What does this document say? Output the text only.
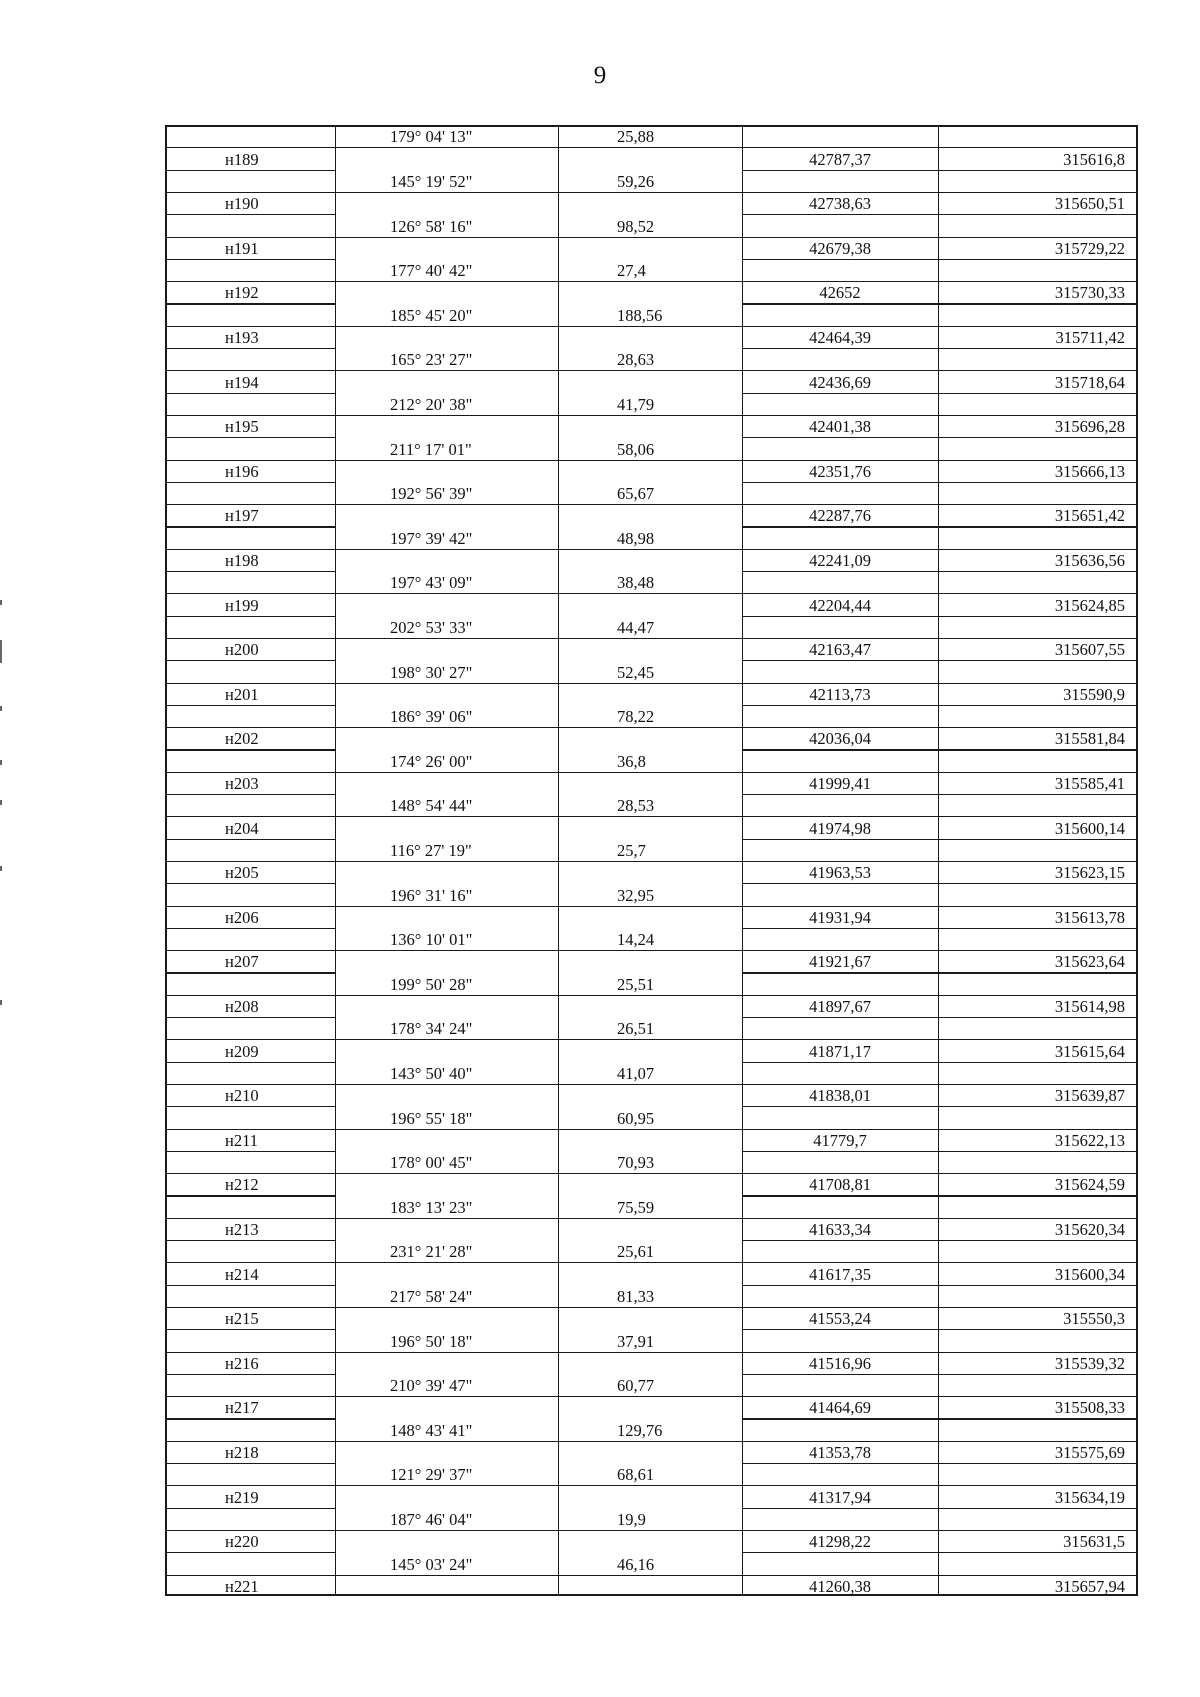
9
179° 04' 13"	25,88
н189	42787,37	315616,8
145° 19' 52"	59,26
н190	42738,63	315650,51
126° 58' 16"	98,52
н191	42679,38	315729,22
177° 40' 42"	27,4
н192	42652	315730,33
185° 45' 20"	188,56
н193	42464,39	315711,42
165° 23' 27"	28,63
н194	42436,69	315718,64
212° 20' 38"	41,79
н195	42401,38	315696,28
211° 17' 01"	58,06
н196	42351,76	315666,13
192° 56' 39"	65,67
н197	42287,76	315651,42
197° 39' 42"	48,98
н198	42241,09	315636,56
197° 43' 09"	38,48
н199	42204,44	315624,85
202° 53' 33"	44,47
н200	42163,47	315607,55
198° 30' 27"	52,45
н201	42113,73	315590,9
186° 39' 06"	78,22
н202	42036,04	315581,84
174° 26' 00"	36,8
н203	41999,41	315585,41
148° 54' 44"	28,53
н204	41974,98	315600,14
116° 27' 19"	25,7
н205	41963,53	315623,15
196° 31' 16"	32,95
н206	41931,94	315613,78
136° 10' 01"	14,24
н207	41921,67	315623,64
199° 50' 28"	25,51
н208	41897,67	315614,98
178° 34' 24"	26,51
н209	41871,17	315615,64
143° 50' 40"	41,07
н210	41838,01	315639,87
196° 55' 18"	60,95
н211	41779,7	315622,13
178° 00' 45"	70,93
н212	41708,81	315624,59
183° 13' 23"	75,59
н213	41633,34	315620,34
231° 21' 28"	25,61
н214	41617,35	315600,34
217° 58' 24"	81,33
н215	41553,24	315550,3
196° 50' 18"	37,91
н216	41516,96	315539,32
210° 39' 47"	60,77
н217	41464,69	315508,33
148° 43' 41"	129,76
н218	41353,78	315575,69
121° 29' 37"	68,61
н219	41317,94	315634,19
187° 46' 04"	19,9
н220	41298,22	315631,5
145° 03' 24"	46,16
н221	41260,38	315657,94
